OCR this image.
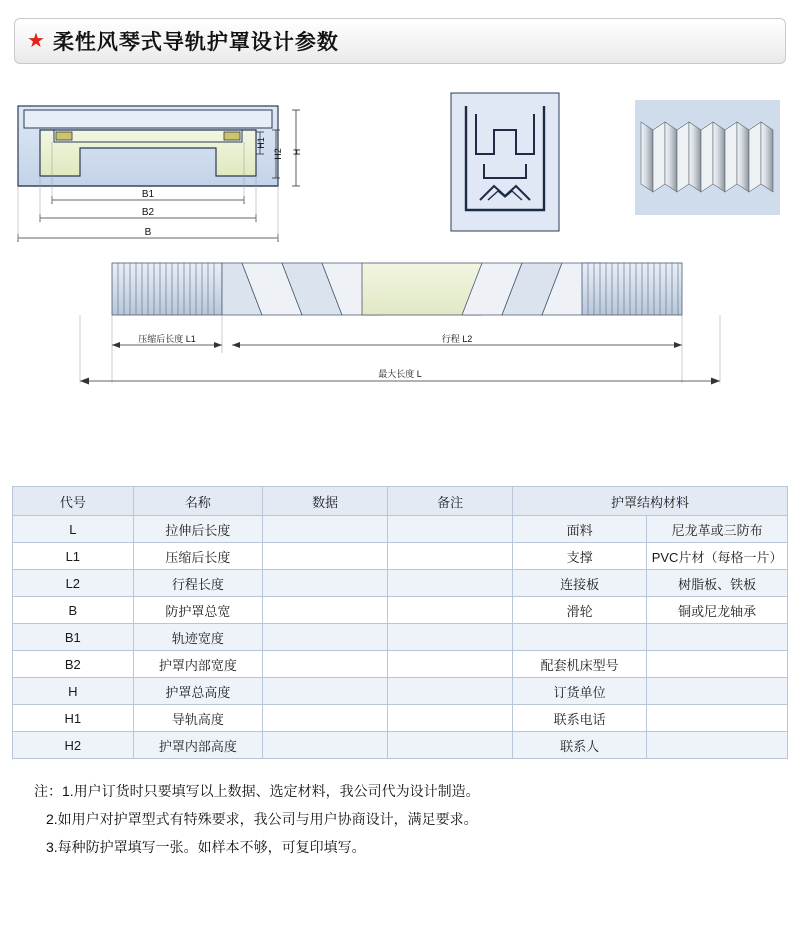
★ 柔性风琴式导轨护罩设计参数
H
H2
H1
B1
B2
B
压缩后长度 L1	行程 L2
最大长度 L
代号	名称	数据	备注	护罩结构材料	
L	拉伸后长度			面料	尼龙革或三防布
L1	压缩后长度			支撑	PVC片材（每格一片）
L2	行程长度			连接板	树脂板、铁板
B	防护罩总宽			滑轮	铜或尼龙轴承
B1	轨迹宽度				
B2	护罩内部宽度			配套机床型号	
H	护罩总高度			订货单位	
H1	导轨高度			联系电话	
H2	护罩内部高度			联系人	
注：1.用户订货时只要填写以上数据、选定材料，我公司代为设计制造。
2.如用户对护罩型式有特殊要求，我公司与用户协商设计，满足要求。
3.每种防护罩填写一张。如样本不够，可复印填写。
